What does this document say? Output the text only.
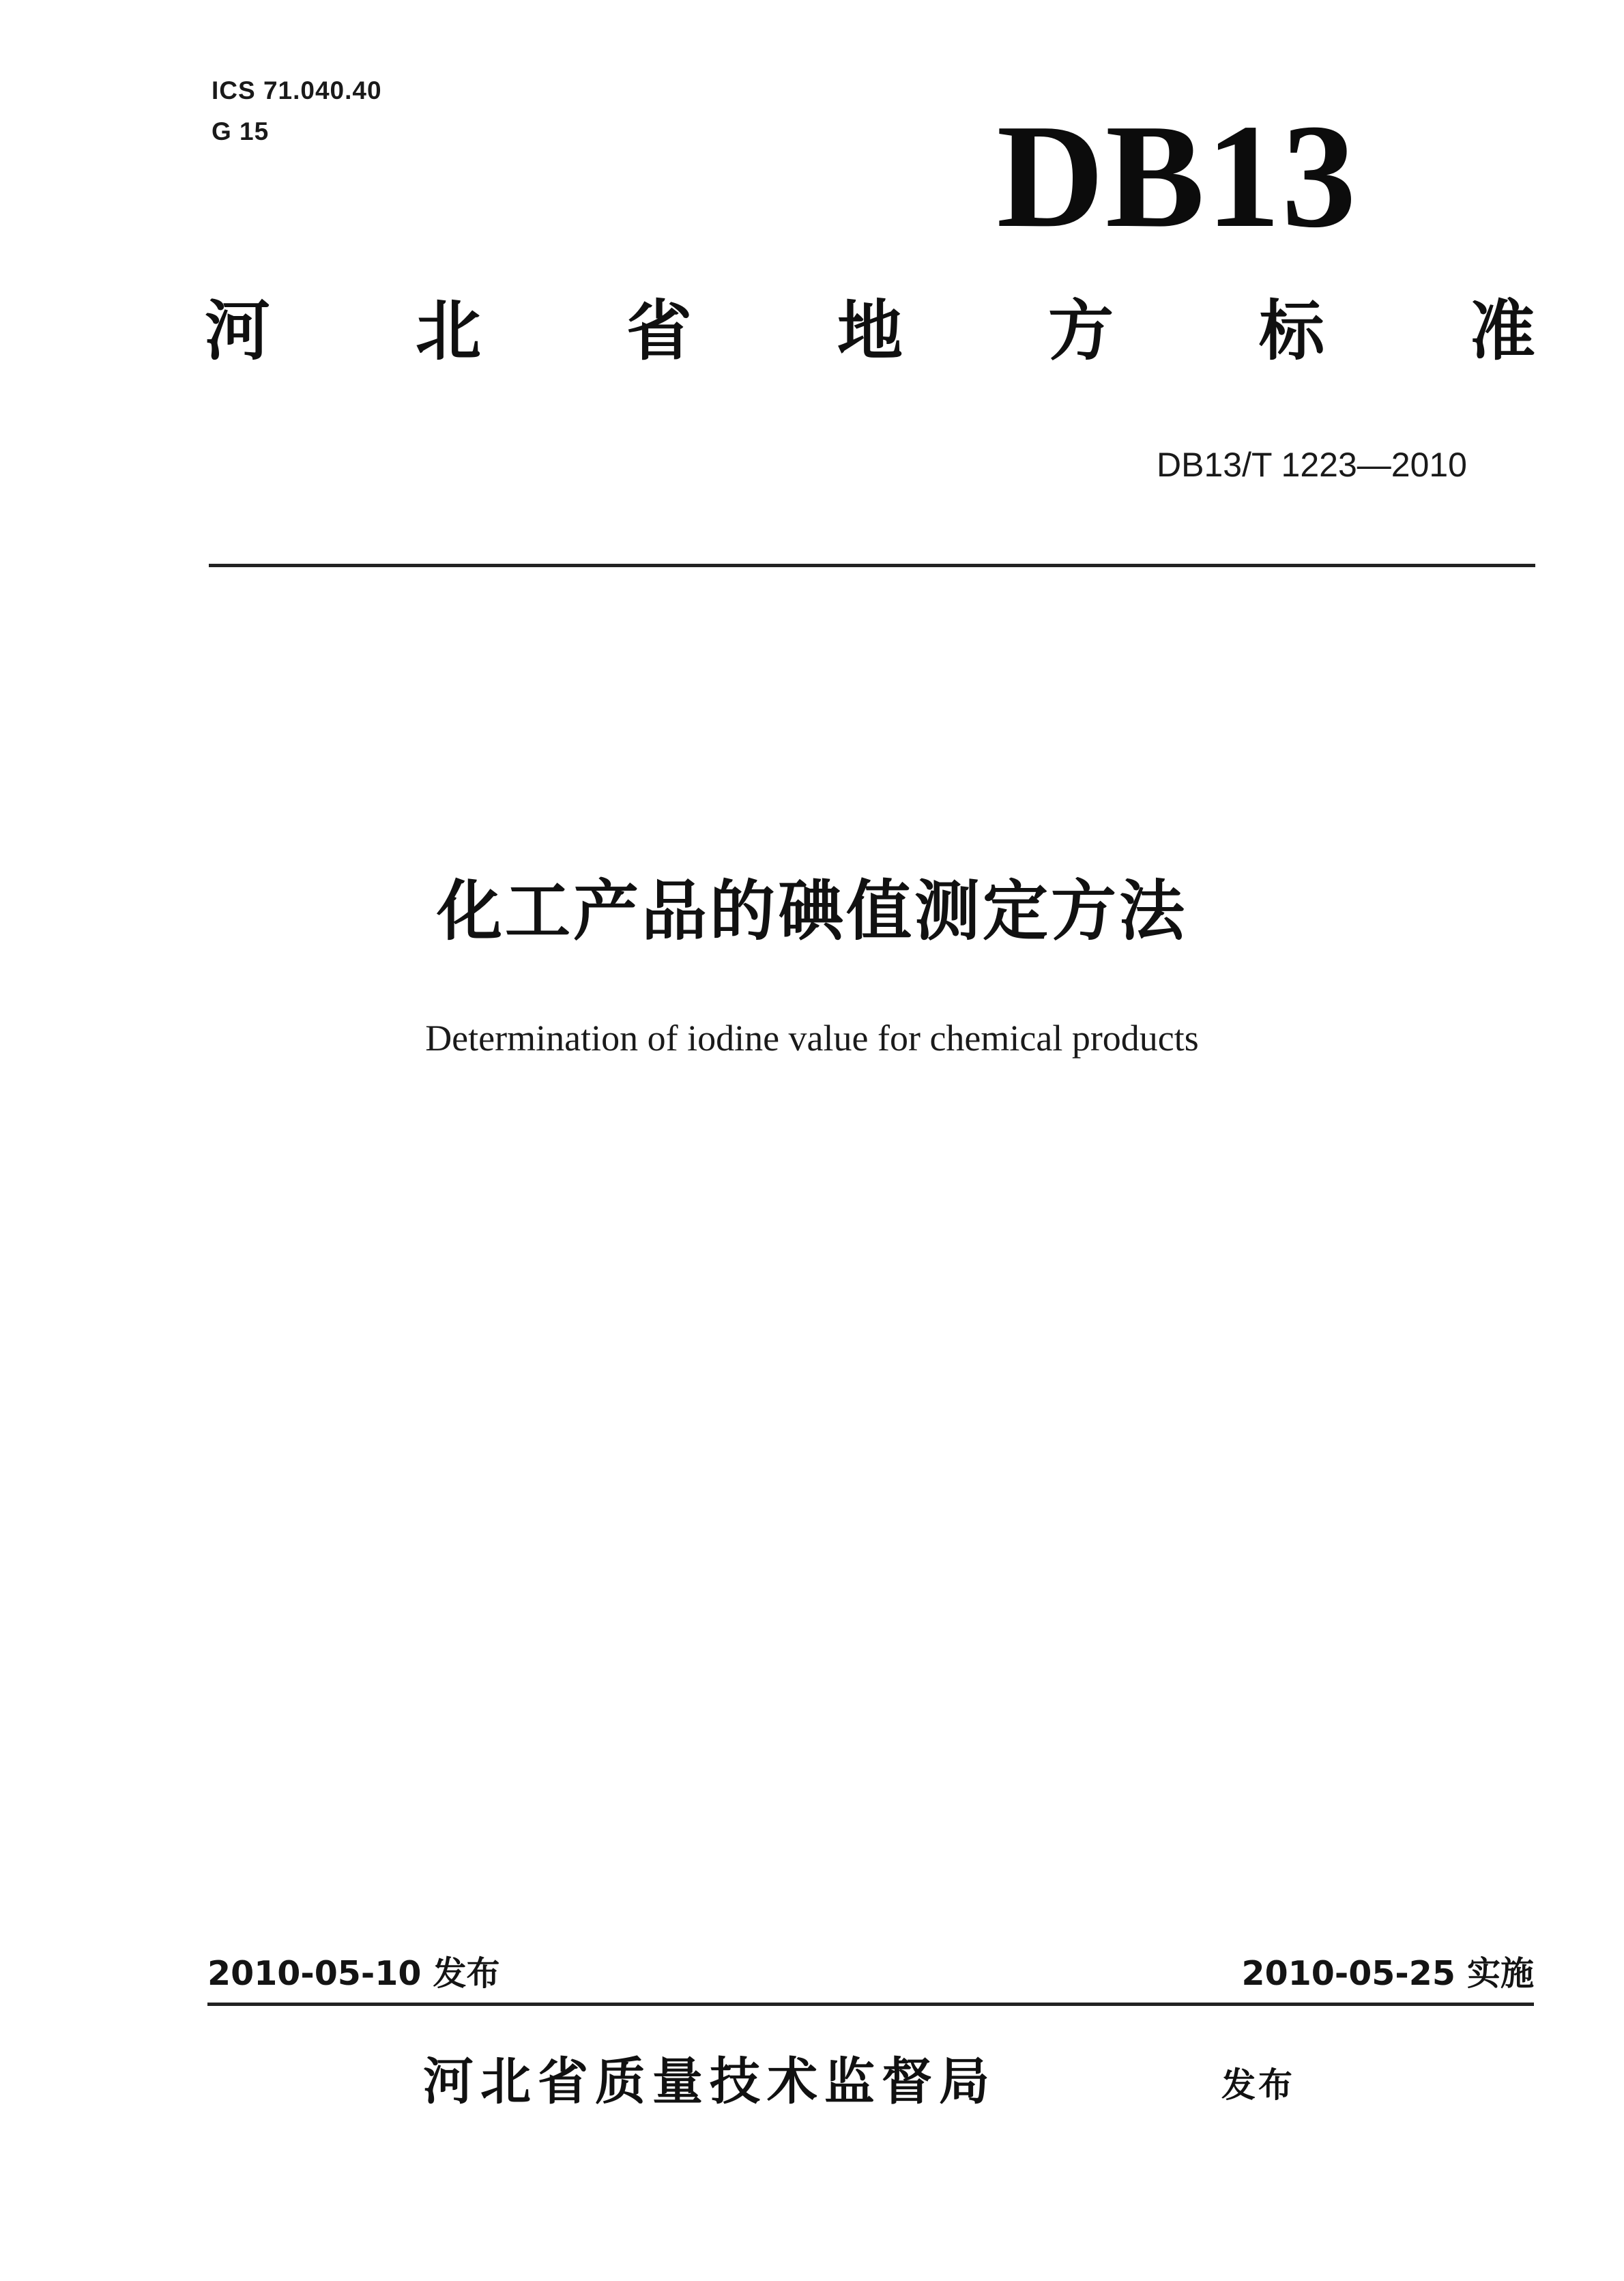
ICS 71.040.40
G 15	DB13
河 北 省 地 方 标 准
DB13/T 1223—2010
化工产品的碘值测定方法
Determination of iodine value for chemical products
2010-05-10 发布	2010-05-25 实施
河北省质量技术监督局	发布
